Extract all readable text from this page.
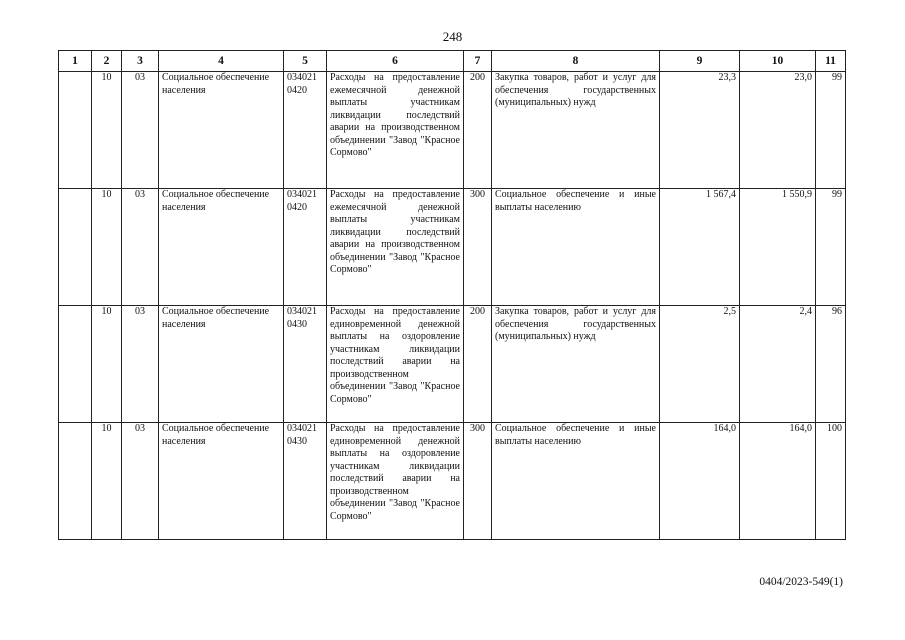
248
1	2	3	4	5	6	7	8	9	10	11
	10	03	Социальное обеспечение населения	034021 0420	Расходы на предоставление ежемесячной денежной выплаты участникам ликвидации последствий аварии на производственном объединении "Завод "Красное Сормово"	200	Закупка товаров, работ и услуг для обеспечения государственных (муниципальных) нужд	23,3	23,0	99
	10	03	Социальное обеспечение населения	034021 0420	Расходы на предоставление ежемесячной денежной выплаты участникам ликвидации последствий аварии на производственном объединении "Завод "Красное Сормово"	300	Социальное обеспечение и иные выплаты населению	1 567,4	1 550,9	99
	10	03	Социальное обеспечение населения	034021 0430	Расходы на предоставление единовременной денежной выплаты на оздоровление участникам ликвидации последствий аварии на производственном объединении "Завод "Красное Сормово"	200	Закупка товаров, работ и услуг для обеспечения государственных (муниципальных) нужд	2,5	2,4	96
	10	03	Социальное обеспечение населения	034021 0430	Расходы на предоставление единовременной денежной выплаты на оздоровление участникам ликвидации последствий аварии на производственном объединении "Завод "Красное Сормово"	300	Социальное обеспечение и иные выплаты населению	164,0	164,0	100
0404/2023-549(1)
